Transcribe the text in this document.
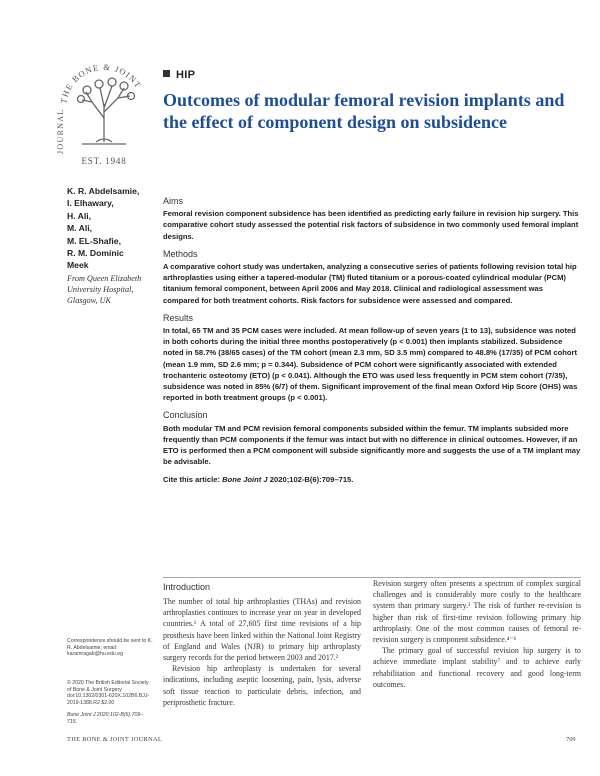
THE BONE & JOINT
JOURNAL
EST. 1948
HIP
Outcomes of modular femoral revision implants and the effect of component design on subsidence
K. R. Abdelsamie,
I. Elhawary,
H. Ali,
M. Ali,
M. EL-Shafie,
R. M. Dominic
Meek
From Queen Elizabeth University Hospital, Glasgow, UK
Aims

Femoral revision component subsidence has been identified as predicting early failure in revision hip surgery. This comparative cohort study assessed the potential risk factors of subsidence in two commonly used femoral implant designs.

Methods

A comparative cohort study was undertaken, analyzing a consecutive series of patients following revision total hip arthroplasties using either a tapered-modular (TM) fluted titanium or a porous-coated cylindrical modular (PCM) titanium femoral component, between April 2006 and May 2018. Clinical and radiological assessment was compared for both treatment cohorts. Risk factors for subsidence were assessed and compared.

Results

In total, 65 TM and 35 PCM cases were included. At mean follow-up of seven years (1 to 13), subsidence was noted in both cohorts during the initial three months postoperatively (p < 0.001) then implants stabilized. Subsidence noted in 58.7% (38/65 cases) of the TM cohort (mean 2.3 mm, SD 3.5 mm) compared to 48.8% (17/35) of PCM cohort (mean 1.9 mm, SD 2.6 mm; p = 0.344). Subsidence of PCM cohort were significantly associated with extended trochanteric osteotomy (ETO) (p < 0.041). Although the ETO was used less frequently in PCM stem cohort (7/35), subsidence was noted in 85% (6/7) of them. Significant improvement of the final mean Oxford Hip Score (OHS) was reported in both treatment groups (p < 0.001).

Conclusion

Both modular TM and PCM revision femoral components subsided within the femur. TM implants subsided more frequently than PCM components if the femur was intact but with no difference in clinical outcomes. However, if an ETO is performed then a PCM component will subside significantly more and suggests the use of a TM implant may be advisable.

Cite this article: Bone Joint J 2020;102-B(6):709–715.
Correspondence should be sent to K. R. Abdelsamie; email: karamragab@hu.edu.eg
© 2020 The British Editorial Society of Bone & Joint Surgery doi:10.1302/0301-620X.102B6.BJJ-2019-1388.R2 $2.00
Bone Joint J 2020;102-B(6):709–715.
Introduction

The number of total hip arthroplasties (THAs) and revision arthroplasties continues to increase year on year in developed countries.¹ A total of 27,605 first time revisions of a hip prosthesis have been linked within the National Joint Registry of England and Wales (NJR) to primary hip arthroplasty surgery records for the period between 2003 and 2017.²

Revision hip arthroplasty is undertaken for several indications, including aseptic loosening, pain, lysis, adverse soft tissue reaction to particulate debris, infection, and periprosthetic fracture.

Revision surgery often presents a spectrum of complex surgical challenges and is considerably more costly to the healthcare system than primary surgery.³ The risk of further re-revision is higher than risk of first-time revision following primary hip arthroplasty. One of the most common causes of femoral re-revision surgery is component subsidence.⁴⁻⁶

The primary goal of successful revision hip surgery is to achieve immediate implant stability⁷ and to achieve early rehabilitation and functional recovery and good long-term outcomes.

THE BONE & JOINT JOURNAL	709
